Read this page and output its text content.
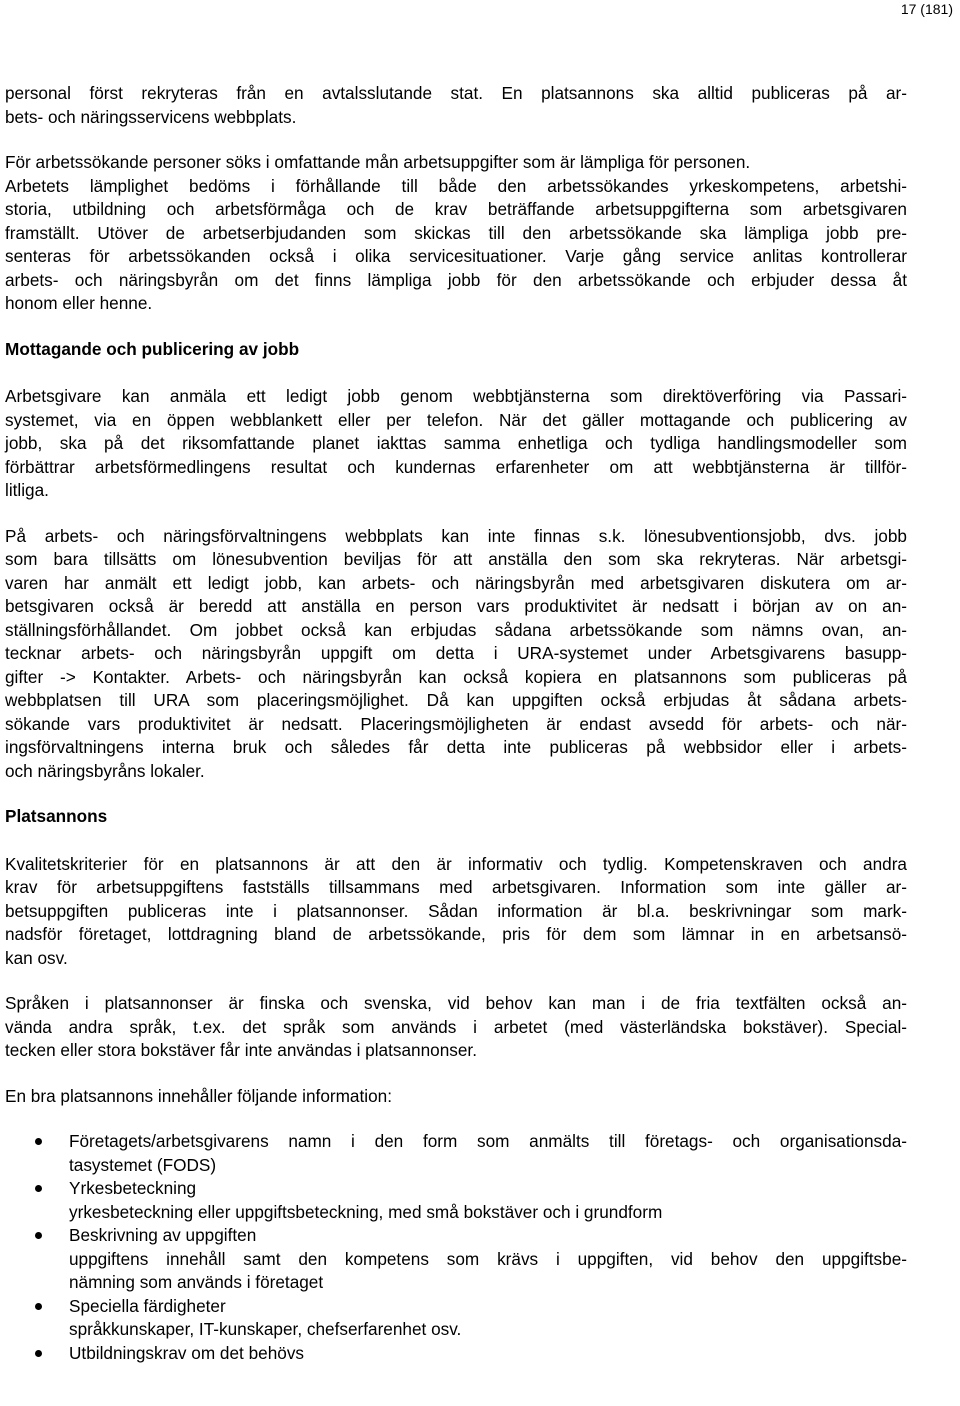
17 (181)
personal först rekryteras från en avtalsslutande stat. En platsannons ska alltid publiceras på ar-
bets- och näringsservicens webbplats.
För arbetssökande personer söks i omfattande mån arbetsuppgifter som är lämpliga för personen.
Arbetets lämplighet bedöms i förhållande till både den arbetssökandes yrkeskompetens, arbetshi-
storia, utbildning och arbetsförmåga och de krav beträffande arbetsuppgifterna som arbetsgivaren
framställt. Utöver de arbetserbjudanden som skickas till den arbetssökande ska lämpliga jobb pre-
senteras för arbetssökanden också i olika servicesituationer. Varje gång service anlitas kontrollerar
arbets- och näringsbyrån om det finns lämpliga jobb för den arbetssökande och erbjuder dessa åt
honom eller henne.
Mottagande och publicering av jobb
Arbetsgivare kan anmäla ett ledigt jobb genom webbtjänsterna som direktöverföring via Passari-
systemet, via en öppen webblankett eller per telefon. När det gäller mottagande och publicering av
jobb, ska på det riksomfattande planet iakttas samma enhetliga och tydliga handlingsmodeller som
förbättrar arbetsförmedlingens resultat och kundernas erfarenheter om att webbtjänsterna är tillför-
litliga.
På arbets- och näringsförvaltningens webbplats kan inte finnas s.k. lönesubventionsjobb, dvs. jobb
som bara tillsätts om lönesubvention beviljas för att anställa den som ska rekryteras. När arbetsgi-
varen har anmält ett ledigt jobb, kan arbets- och näringsbyrån med arbetsgivaren diskutera om ar-
betsgivaren också är beredd att anställa en person vars produktivitet är nedsatt i början av on an-
ställningsförhållandet. Om jobbet också kan erbjudas sådana arbetssökande som nämns ovan, an-
tecknar arbets- och näringsbyrån uppgift om detta i URA-systemet under Arbetsgivarens basupp-
gifter -> Kontakter. Arbets- och näringsbyrån kan också kopiera en platsannons som publiceras på
webbplatsen till URA som placeringsmöjlighet. Då kan uppgiften också erbjudas åt sådana arbets-
sökande vars produktivitet är nedsatt. Placeringsmöjligheten är endast avsedd för arbets- och när-
ingsförvaltningens interna bruk och således får detta inte publiceras på webbsidor eller i arbets-
och näringsbyråns lokaler.
Platsannons
Kvalitetskriterier för en platsannons är att den är informativ och tydlig. Kompetenskraven och andra
krav för arbetsuppgiftens fastställs tillsammans med arbetsgivaren. Information som inte gäller ar-
betsuppgiften publiceras inte i platsannonser. Sådan information är bl.a. beskrivningar som mark-
nadsför företaget, lottdragning bland de arbetssökande, pris för dem som lämnar in en arbetsansö-
kan osv.
Språken i platsannonser är finska och svenska, vid behov kan man i de fria textfälten också an-
vända andra språk, t.ex. det språk som används i arbetet (med västerländska bokstäver). Special-
tecken eller stora bokstäver får inte användas i platsannonser.
En bra platsannons innehåller följande information:
Företagets/arbetsgivarens namn i den form som anmälts till företags- och organisationsda-
tasystemet (FODS)
Yrkesbeteckning
yrkesbeteckning eller uppgiftsbeteckning, med små bokstäver och i grundform
Beskrivning av uppgiften
uppgiftens innehåll samt den kompetens som krävs i uppgiften, vid behov den uppgiftsbe-
nämning som används i företaget
Speciella färdigheter
språkkunskaper, IT-kunskaper, chefserfarenhet osv.
Utbildningskrav om det behövs
